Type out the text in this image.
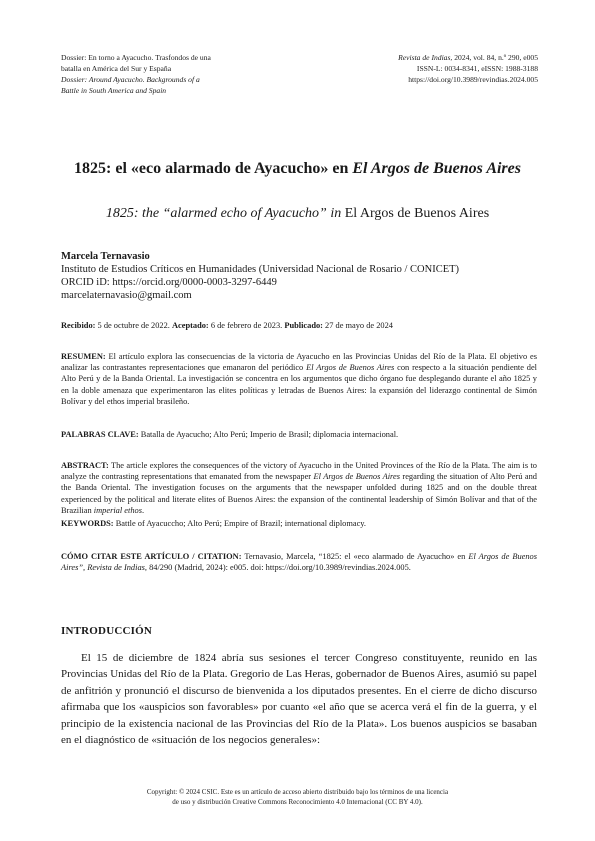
Dossier: En torno a Ayacucho. Trasfondos de una
batalla en América del Sur y España
Dossier: Around Ayacucho. Backgrounds of a
Battle in South America and Spain
Revista de Indias, 2024, vol. 84, n.º 290, e005
ISSN-L: 0034-8341, eISSN: 1988-3188
https://doi.org/10.3989/revindias.2024.005
1825: el «eco alarmado de Ayacucho» en El Argos de Buenos Aires
1825: the “alarmed echo of Ayacucho” in El Argos de Buenos Aires
Marcela Ternavasio
Instituto de Estudios Críticos en Humanidades (Universidad Nacional de Rosario / CONICET)
ORCID iD: https://orcid.org/0000-0003-3297-6449
marcelaternavasio@gmail.com
Recibido: 5 de octubre de 2022. Aceptado: 6 de febrero de 2023. Publicado: 27 de mayo de 2024
RESUMEN: El artículo explora las consecuencias de la victoria de Ayacucho en las Provincias Unidas del Río de la Plata. El objetivo es analizar las contrastantes representaciones que emanaron del periódico El Argos de Buenos Aires con respecto a la situación pendiente del Alto Perú y de la Banda Oriental. La investigación se concentra en los argumentos que dicho órgano fue desplegando durante el año 1825 y en la doble amenaza que experimentaron las elites políticas y letradas de Buenos Aires: la expansión del liderazgo continental de Simón Bolívar y del ethos imperial brasileño.
PALABRAS CLAVE: Batalla de Ayacucho; Alto Perú; Imperio de Brasil; diplomacia internacional.
ABSTRACT: The article explores the consequences of the victory of Ayacucho in the United Provinces of the Río de la Plata. The aim is to analyze the contrasting representations that emanated from the newspaper El Argos de Buenos Aires regarding the situation of Alto Perú and the Banda Oriental. The investigation focuses on the arguments that the newspaper unfolded during 1825 and on the double threat experienced by the political and literate elites of Buenos Aires: the expansion of the continental leadership of Simón Bolívar and that of the Brazilian imperial ethos.
KEYWORDS: Battle of Ayacuccho; Alto Perú; Empire of Brazil; international diplomacy.
CÓMO CITAR ESTE ARTÍCULO / CITATION: Ternavasio, Marcela, “1825: el «eco alarmado de Ayacucho» en El Argos de Buenos Aires”, Revista de Indias, 84/290 (Madrid, 2024): e005. doi: https://doi.org/10.3989/revindias.2024.005.
INTRODUCCIÓN
El 15 de diciembre de 1824 abría sus sesiones el tercer Congreso constituyente, reunido en las Provincias Unidas del Río de la Plata. Gregorio de Las Heras, gobernador de Buenos Aires, asumió su papel de anfitrión y pronunció el discurso de bienvenida a los diputados presentes. En el cierre de dicho discurso afirmaba que los «auspicios son favorables» por cuanto «el año que se acerca verá el fin de la guerra, y el principio de la existencia nacional de las Provincias del Río de la Plata». Los buenos auspicios se basaban en el diagnóstico de «situación de los negocios generales»:
Copyright: © 2024 CSIC. Este es un artículo de acceso abierto distribuido bajo los términos de una licencia
de uso y distribución Creative Commons Reconocimiento 4.0 Internacional (CC BY 4.0).
